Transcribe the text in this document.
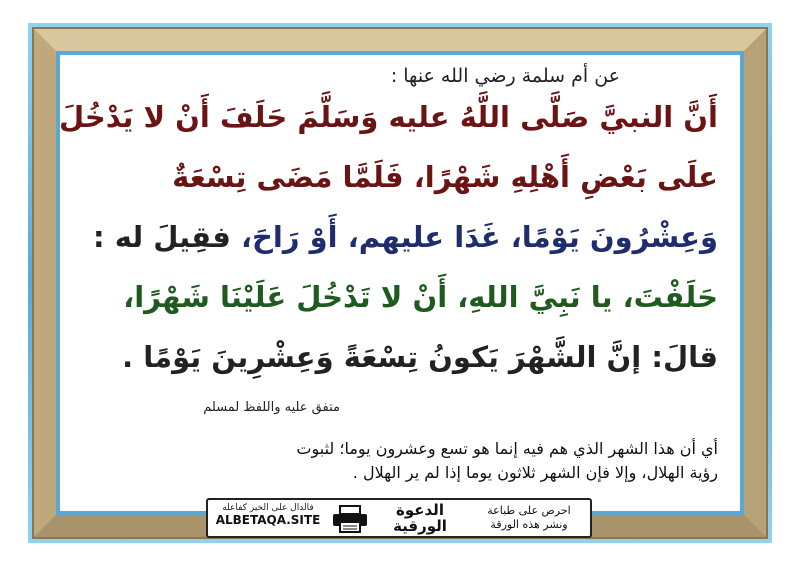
عن أم سلمة رضي الله عنها :
أَنَّ النبيَّ صَلَّى اللَّهُ عليه وَسَلَّمَ حَلَفَ أَنْ لا يَدْخُلَ
علَى بَعْضِ أَهْلِهِ شَهْرًا، فَلَمَّا مَضَى تِسْعَةٌ
وَعِشْرُونَ يَوْمًا، غَدَا عليهم، أَوْ رَاحَ، فقِيلَ له :
حَلَفْتَ، يا نَبِيَّ اللهِ، أَنْ لا تَدْخُلَ عَلَيْنَا شَهْرًا،
قالَ: إنَّ الشَّهْرَ يَكونُ تِسْعَةً وَعِشْرِينَ يَوْمًا .
متفق عليه واللفظ لمسلم
أي أن هذا الشهر الذي هم فيه إنما هو تسع وعشرون يوما؛ لثبوت
رؤية الهلال، وإلا فإن الشهر ثلاثون يوما إذا لم ير الهلال .
فالدال على الخير كفاعله
ALBETAQA.SITE
الدعوة
الورقية
احرص على طباعة
ونشر هذه الورقة
